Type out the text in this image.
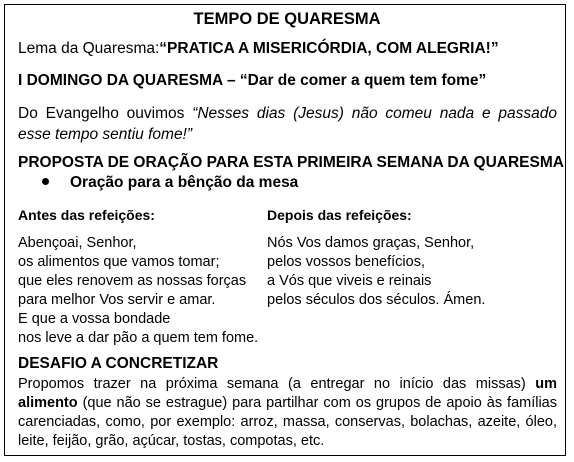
TEMPO DE QUARESMA
Lema da Quaresma:“PRATICA A MISERICÓRDIA, COM ALEGRIA!”
I DOMINGO DA QUARESMA – “Dar de comer a quem tem fome”
Do Evangelho ouvimos “Nesses dias (Jesus) não comeu nada e passado esse tempo sentiu fome!”
PROPOSTA DE ORAÇÃO PARA ESTA PRIMEIRA SEMANA DA QUARESMA
Oração para a bênção da mesa
Antes das refeições:
Abençoai, Senhor,
os alimentos que vamos tomar;
que eles renovem as nossas forças
para melhor Vos servir e amar.
E que a vossa bondade
nos leve a dar pão a quem tem fome.
Depois das refeições:
Nós Vos damos graças, Senhor,
pelos vossos benefícios,
a Vós que viveis e reinais
pelos séculos dos séculos. Ámen.
DESAFIO A CONCRETIZAR
Propomos trazer na próxima semana (a entregar no início das missas) um alimento (que não se estrague) para partilhar com os grupos de apoio às famílias carenciadas, como, por exemplo: arroz, massa, conservas, bolachas, azeite, óleo, leite, feijão, grão, açúcar, tostas, compotas, etc.
